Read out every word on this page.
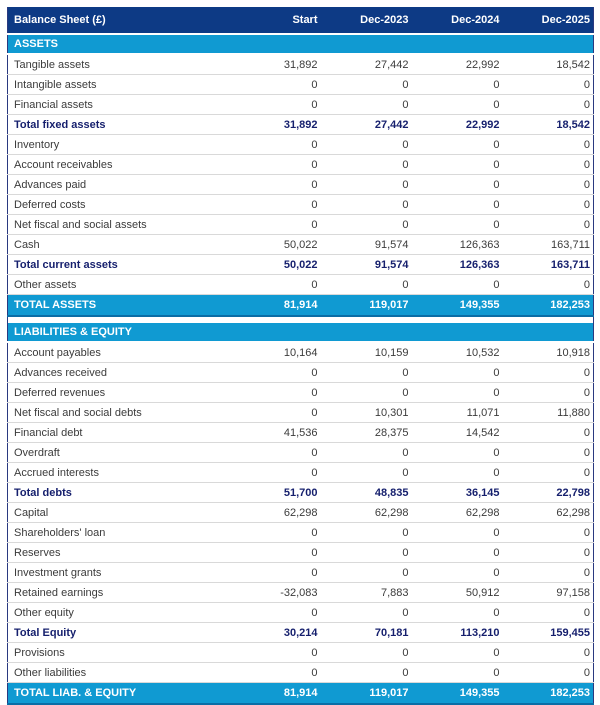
Balance Sheet (£)	Start	Dec-2023	Dec-2024	Dec-2025
ASSETS				
Tangible assets	31,892	27,442	22,992	18,542
Intangible assets	0	0	0	0
Financial assets	0	0	0	0
Total fixed assets	31,892	27,442	22,992	18,542
Inventory	0	0	0	0
Account receivables	0	0	0	0
Advances paid	0	0	0	0
Deferred costs	0	0	0	0
Net fiscal and social assets	0	0	0	0
Cash	50,022	91,574	126,363	163,711
Total current assets	50,022	91,574	126,363	163,711
Other assets	0	0	0	0
TOTAL ASSETS	81,914	119,017	149,355	182,253

LIABILITIES & EQUITY				
Account payables	10,164	10,159	10,532	10,918
Advances received	0	0	0	0
Deferred revenues	0	0	0	0
Net fiscal and social debts	0	10,301	11,071	11,880
Financial debt	41,536	28,375	14,542	0
Overdraft	0	0	0	0
Accrued interests	0	0	0	0
Total debts	51,700	48,835	36,145	22,798
Capital	62,298	62,298	62,298	62,298
Shareholders' loan	0	0	0	0
Reserves	0	0	0	0
Investment grants	0	0	0	0
Retained earnings	-32,083	7,883	50,912	97,158
Other equity	0	0	0	0
Total Equity	30,214	70,181	113,210	159,455
Provisions	0	0	0	0
Other liabilities	0	0	0	0
TOTAL LIAB. & EQUITY	81,914	119,017	149,355	182,253
